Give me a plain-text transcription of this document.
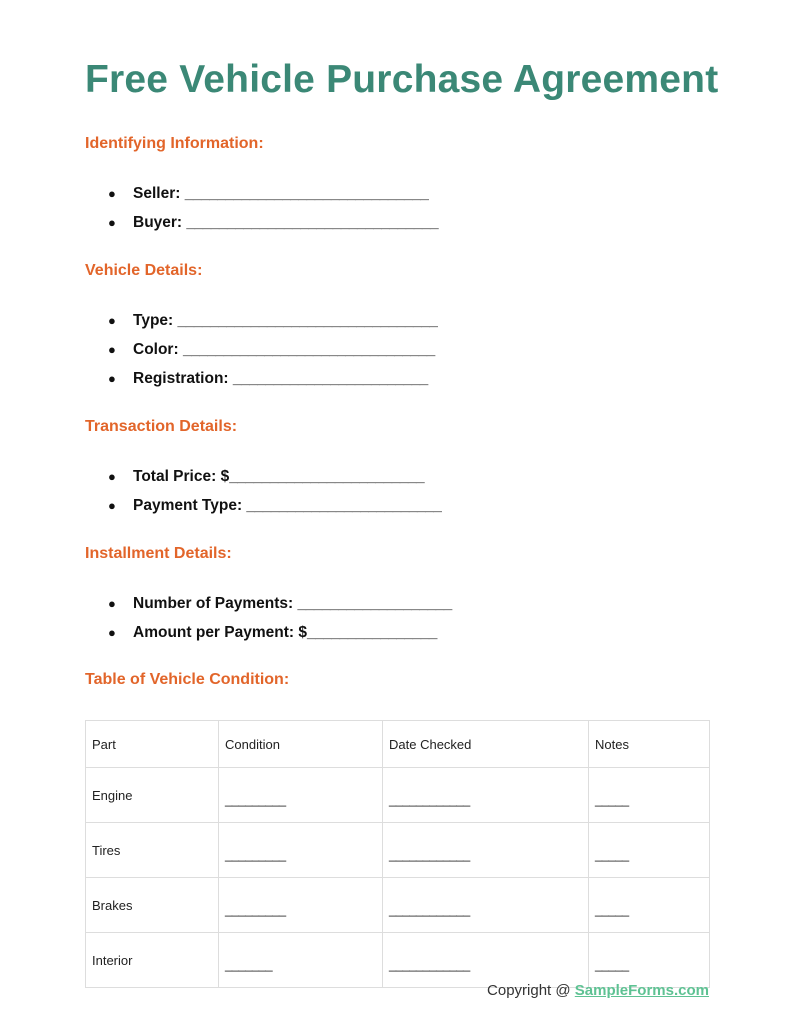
Free Vehicle Purchase Agreement
Identifying Information:
● Seller: ______________________________
● Buyer: _______________________________
Vehicle Details:
● Type: ________________________________
● Color: _______________________________
● Registration: ________________________
Transaction Details:
● Total Price: $________________________
● Payment Type: ________________________
Installment Details:
● Number of Payments: ___________________
● Amount per Payment: $________________
Table of Vehicle Condition:
Part	Condition	Date Checked	Notes
Engine	_________	____________	_____
Tires	_________	____________	_____
Brakes	_________	____________	_____
Interior	_______	____________	_____
Copyright @ SampleForms.com
